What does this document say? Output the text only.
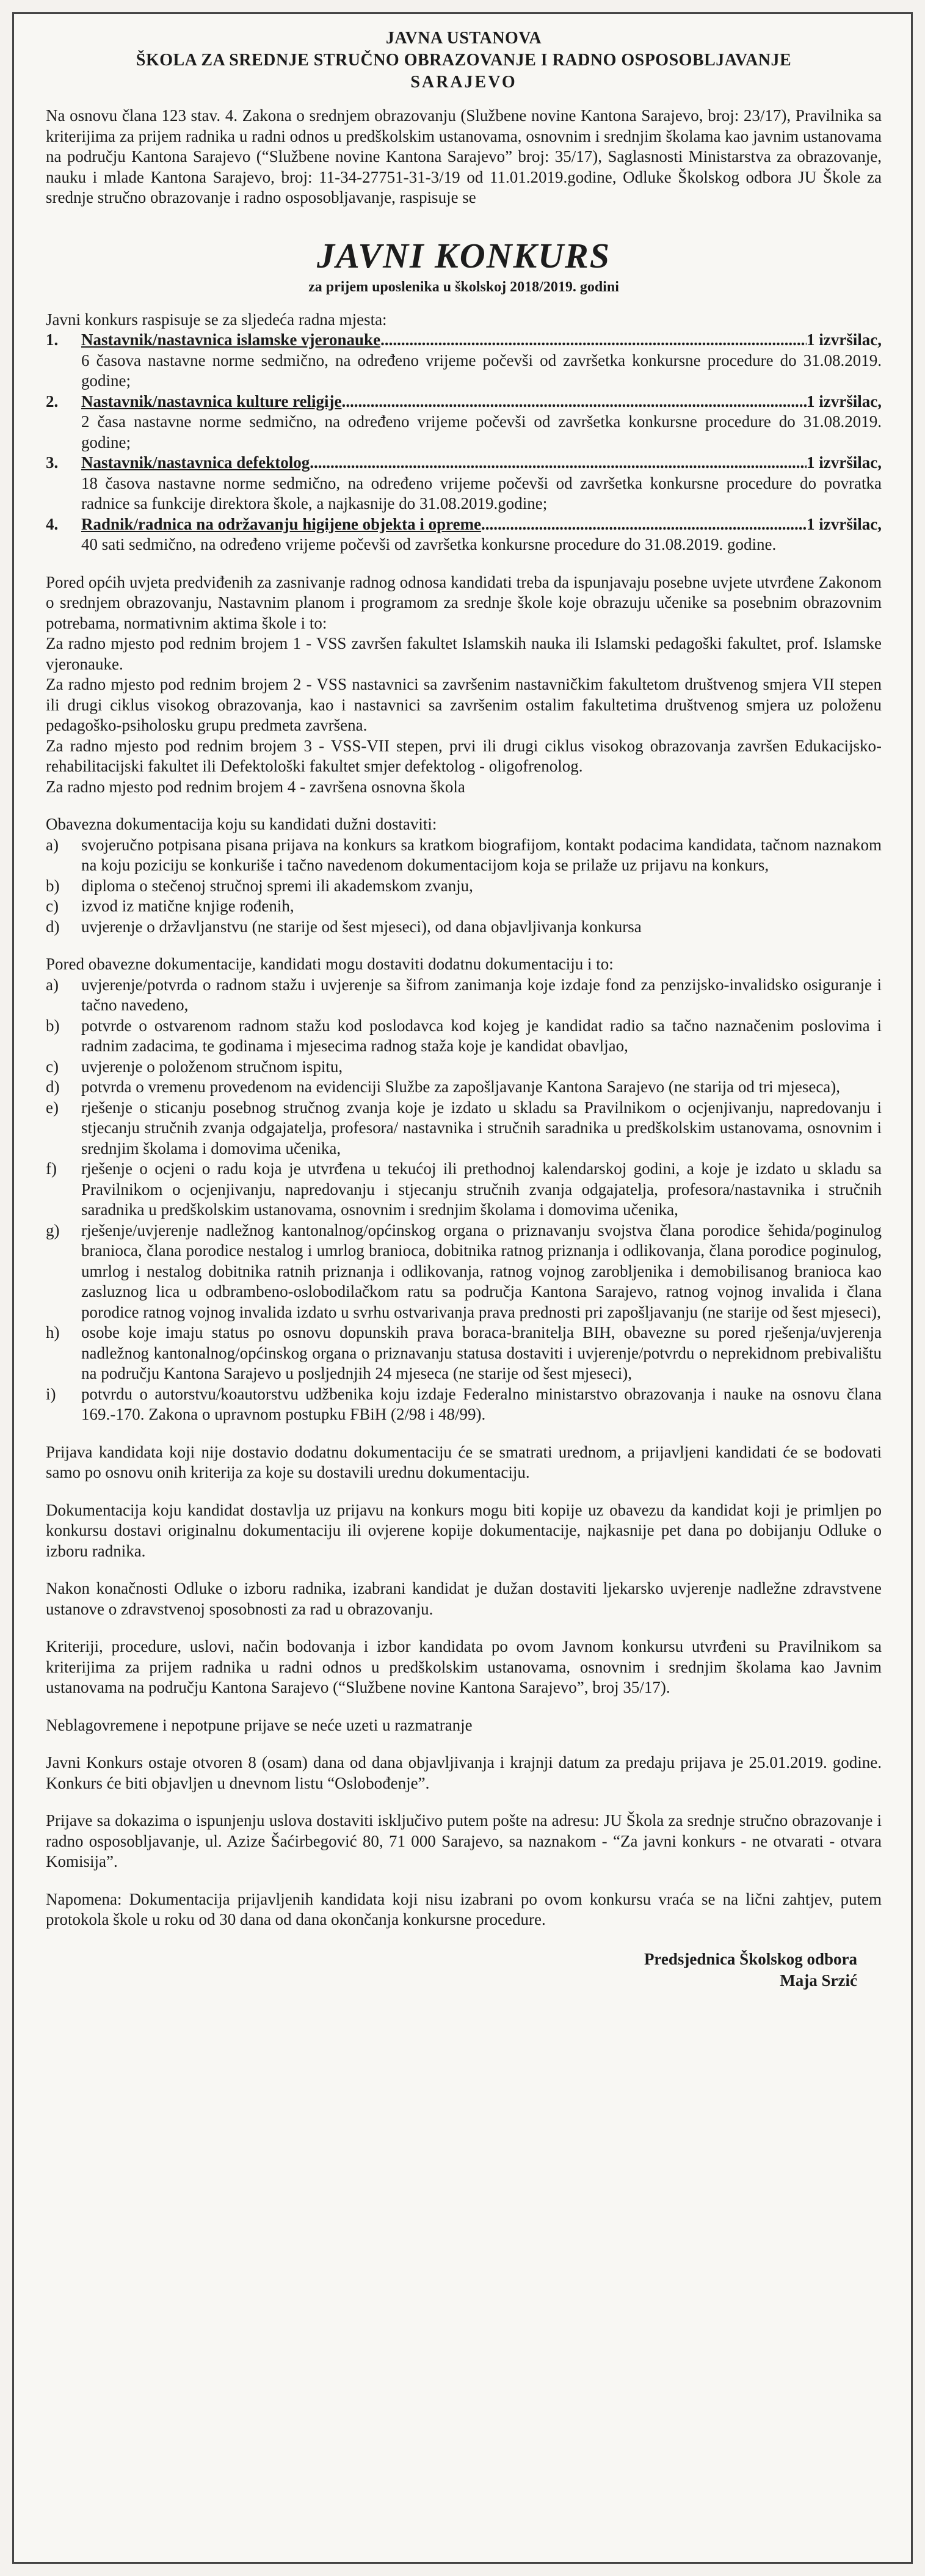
JAVNA USTANOVA
ŠKOLA ZA SREDNJE STRUČNO OBRAZOVANJE I RADNO OSPOSOBLJAVANJE
SARAJEVO

Na osnovu člana 123 stav. 4. Zakona o srednjem obrazovanju (Službene novine Kantona Sarajevo, broj: 23/17), Pravilnika sa kriterijima za prijem radnika u radni odnos u predškolskim ustanovama, osnovnim i srednjim školama kao javnim ustanovama na području Kantona Sarajevo (“Službene novine Kantona Sarajevo” broj: 35/17), Saglasnosti Ministarstva za obrazovanje, nauku i mlade Kantona Sarajevo, broj: 11-34-27751-31-3/19 od 11.01.2019.godine, Odluke Školskog odbora JU Škole za srednje stručno obrazovanje i radno osposobljavanje, raspisuje se

JAVNI KONKURS
za prijem uposlenika u školskoj 2018/2019. godini

Javni konkurs raspisuje se za sljedeća radna mjesta:

1. Nastavnik/nastavnica islamske vjeronauke .....	1 izvršilac,

6 časova nastavne norme sedmično, na određeno vrijeme počevši od završetka konkursne procedure do 31.08.2019. godine;

2. Nastavnik/nastavnica kulture religije .....	1 izvršilac,

2 časa nastavne norme sedmično, na određeno vrijeme počevši od završetka konkursne procedure do 31.08.2019. godine;

3. Nastavnik/nastavnica defektolog .....	1 izvršilac,

18 časova nastavne norme sedmično, na određeno vrijeme počevši od završetka konkursne procedure do povratka radnice sa funkcije direktora škole, a najkasnije do 31.08.2019.godine;

4. Radnik/radnica na održavanju higijene objekta i opreme .....	1 izvršilac,

40 sati sedmično, na određeno vrijeme počevši od završetka konkursne procedure do 31.08.2019. godine.

Pored općih uvjeta predviđenih za zasnivanje radnog odnosa kandidati treba da ispunjavaju posebne uvjete utvrđene Zakonom o srednjem obrazovanju, Nastavnim planom i programom za srednje škole koje obrazuju učenike sa posebnim obrazovnim potrebama, normativnim aktima škole i to:

Za radno mjesto pod rednim brojem 1 - VSS završen fakultet Islamskih nauka ili Islamski pedagoški fakultet, prof. Islamske vjeronauke.

Za radno mjesto pod rednim brojem 2 - VSS nastavnici sa završenim nastavničkim fakultetom društvenog smjera VII stepen ili drugi ciklus visokog obrazovanja, kao i nastavnici sa završenim ostalim fakultetima društvenog smjera uz položenu pedagoško-psiholosku grupu predmeta završena.

Za radno mjesto pod rednim brojem 3 - VSS-VII stepen, prvi ili drugi ciklus visokog obrazovanja završen Edukacijsko-rehabilitacijski fakultet ili Defektološki fakultet smjer defektolog - oligofrenolog.

Za radno mjesto pod rednim brojem 4 - završena osnovna škola

Obavezna dokumentacija koju su kandidati dužni dostaviti:

a) svojeručno potpisana pisana prijava na konkurs sa kratkom biografijom, kontakt podacima kandidata, tačnom naznakom na koju poziciju se konkuriše i tačno navedenom dokumentacijom koja se prilaže uz prijavu na konkurs,

b) diploma o stečenoj stručnoj spremi ili akademskom zvanju,

c) izvod iz matične knjige rođenih,

d) uvjerenje o državljanstvu (ne starije od šest mjeseci), od dana objavljivanja konkursa

Pored obavezne dokumentacije, kandidati mogu dostaviti dodatnu dokumentaciju i to:

a) uvjerenje/potvrda o radnom stažu i uvjerenje sa šifrom zanimanja koje izdaje fond za penzijsko-invalidsko osiguranje i tačno navedeno,

b) potvrde o ostvarenom radnom stažu kod poslodavca kod kojeg je kandidat radio sa tačno naznačenim poslovima i radnim zadacima, te godinama i mjesecima radnog staža koje je kandidat obavljao,

c) uvjerenje o položenom stručnom ispitu,

d) potvrda o vremenu provedenom na evidenciji Službe za zapošljavanje Kantona Sarajevo (ne starija od tri mjeseca),

e) rješenje o sticanju posebnog stručnog zvanja koje je izdato u skladu sa Pravilnikom o ocjenjivanju, napredovanju i stjecanju stručnih zvanja odgajatelja, profesora/ nastavnika i stručnih saradnika u predškolskim ustanovama, osnovnim i srednjim školama i domovima učenika,

f) rješenje o ocjeni o radu koja je utvrđena u tekućoj ili prethodnoj kalendarskoj godini, a koje je izdato u skladu sa Pravilnikom o ocjenjivanju, napredovanju i stjecanju stručnih zvanja odgajatelja, profesora/nastavnika i stručnih saradnika u predškolskim ustanovama, osnovnim i srednjim školama i domovima učenika,

g) rješenje/uvjerenje nadležnog kantonalnog/općinskog organa o priznavanju svojstva člana porodice šehida/poginulog branioca, člana porodice nestalog i umrlog branioca, dobitnika ratnog priznanja i odlikovanja, člana porodice poginulog, umrlog i nestalog dobitnika ratnih priznanja i odlikovanja, ratnog vojnog zarobljenika i demobilisanog branioca kao zasluznog lica u odbrambeno-oslobodilačkom ratu sa područja Kantona Sarajevo, ratnog vojnog invalida i člana porodice ratnog vojnog invalida izdato u svrhu ostvarivanja prava prednosti pri zapošljavanju (ne starije od šest mjeseci),

h) osobe koje imaju status po osnovu dopunskih prava boraca-branitelja BIH, obavezne su pored rješenja/uvjerenja nadležnog kantonalnog/općinskog organa o priznavanju statusa dostaviti i uvjerenje/potvrdu o neprekidnom prebivalištu na području Kantona Sarajevo u posljednjih 24 mjeseca (ne starije od šest mjeseci),

i) potvrdu o autorstvu/koautorstvu udžbenika koju izdaje Federalno ministarstvo obrazovanja i nauke na osnovu člana 169.-170. Zakona o upravnom postupku FBiH (2/98 i 48/99).

Prijava kandidata koji nije dostavio dodatnu dokumentaciju će se smatrati urednom, a prijavljeni kandidati će se bodovati samo po osnovu onih kriterija za koje su dostavili urednu dokumentaciju.

Dokumentacija koju kandidat dostavlja uz prijavu na konkurs mogu biti kopije uz obavezu da kandidat koji je primljen po konkursu dostavi originalnu dokumentaciju ili ovjerene kopije dokumentacije, najkasnije pet dana po dobijanju Odluke o izboru radnika.

Nakon konačnosti Odluke o izboru radnika, izabrani kandidat je dužan dostaviti ljekarsko uvjerenje nadležne zdravstvene ustanove o zdravstvenoj sposobnosti za rad u obrazovanju.

Kriteriji, procedure, uslovi, način bodovanja i izbor kandidata po ovom Javnom konkursu utvrđeni su Pravilnikom sa kriterijima za prijem radnika u radni odnos u predškolskim ustanovama, osnovnim i srednjim školama kao Javnim ustanovama na području Kantona Sarajevo (“Službene novine Kantona Sarajevo”, broj 35/17).

Neblagovremene i nepotpune prijave se neće uzeti u razmatranje

Javni Konkurs ostaje otvoren 8 (osam) dana od dana objavljivanja i krajnji datum za predaju prijava je 25.01.2019. godine. Konkurs će biti objavljen u dnevnom listu “Oslobođenje”.

Prijave sa dokazima o ispunjenju uslova dostaviti isključivo putem pošte na adresu: JU Škola za srednje stručno obrazovanje i radno osposobljavanje, ul. Azize Šaćirbegović 80, 71 000 Sarajevo, sa naznakom - “Za javni konkurs - ne otvarati - otvara Komisija”.

Napomena: Dokumentacija prijavljenih kandidata koji nisu izabrani po ovom konkursu vraća se na lični zahtjev, putem protokola škole u roku od 30 dana od dana okončanja konkursne procedure.

Predsjednica Školskog odbora
Maja Srzić
